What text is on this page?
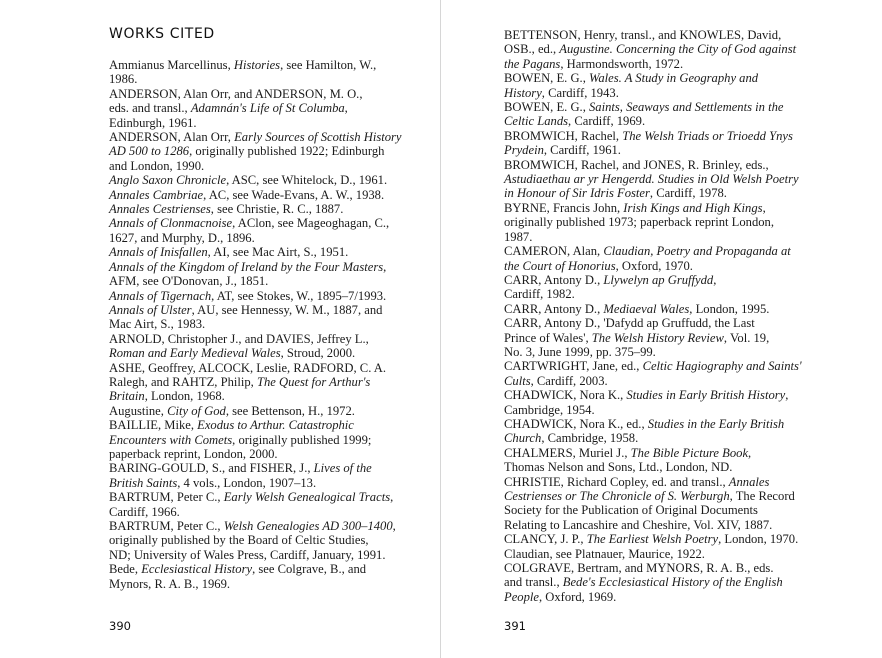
WORKS CITED
Ammianus Marcellinus, Histories, see Hamilton, W.,
1986.
ANDERSON, Alan Orr, and ANDERSON, M. O.,
eds. and transl., Adamnán's Life of St Columba,
Edinburgh, 1961.
ANDERSON, Alan Orr, Early Sources of Scottish History
AD 500 to 1286, originally published 1922; Edinburgh
and London, 1990.
Anglo Saxon Chronicle, ASC, see Whitelock, D., 1961.
Annales Cambriae, AC, see Wade-Evans, A. W., 1938.
Annales Cestrienses, see Christie, R. C., 1887.
Annals of Clonmacnoise, AClon, see Mageoghagan, C.,
1627, and Murphy, D., 1896.
Annals of Inisfallen, AI, see Mac Airt, S., 1951.
Annals of the Kingdom of Ireland by the Four Masters,
AFM, see O'Donovan, J., 1851.
Annals of Tigernach, AT, see Stokes, W., 1895–7/1993.
Annals of Ulster, AU, see Hennessy, W. M., 1887, and
Mac Airt, S., 1983.
ARNOLD, Christopher J., and DAVIES, Jeffrey L.,
Roman and Early Medieval Wales, Stroud, 2000.
ASHE, Geoffrey, ALCOCK, Leslie, RADFORD, C. A.
Ralegh, and RAHTZ, Philip, The Quest for Arthur's
Britain, London, 1968.
Augustine, City of God, see Bettenson, H., 1972.
BAILLIE, Mike, Exodus to Arthur. Catastrophic
Encounters with Comets, originally published 1999;
paperback reprint, London, 2000.
BARING-GOULD, S., and FISHER, J., Lives of the
British Saints, 4 vols., London, 1907–13.
BARTRUM, Peter C., Early Welsh Genealogical Tracts,
Cardiff, 1966.
BARTRUM, Peter C., Welsh Genealogies AD 300–1400,
originally published by the Board of Celtic Studies,
ND; University of Wales Press, Cardiff, January, 1991.
Bede, Ecclesiastical History, see Colgrave, B., and
Mynors, R. A. B., 1969.
390
BETTENSON, Henry, transl., and KNOWLES, David,
OSB., ed., Augustine. Concerning the City of God against
the Pagans, Harmondsworth, 1972.
BOWEN, E. G., Wales. A Study in Geography and
History, Cardiff, 1943.
BOWEN, E. G., Saints, Seaways and Settlements in the
Celtic Lands, Cardiff, 1969.
BROMWICH, Rachel, The Welsh Triads or Trioedd Ynys
Prydein, Cardiff, 1961.
BROMWICH, Rachel, and JONES, R. Brinley, eds.,
Astudiaethau ar yr Hengerdd. Studies in Old Welsh Poetry
in Honour of Sir Idris Foster, Cardiff, 1978.
BYRNE, Francis John, Irish Kings and High Kings,
originally published 1973; paperback reprint London,
1987.
CAMERON, Alan, Claudian, Poetry and Propaganda at
the Court of Honorius, Oxford, 1970.
CARR, Antony D., Llywelyn ap Gruffydd,
Cardiff, 1982.
CARR, Antony D., Mediaeval Wales, London, 1995.
CARR, Antony D., 'Dafydd ap Gruffudd, the Last
Prince of Wales', The Welsh History Review, Vol. 19,
No. 3, June 1999, pp. 375–99.
CARTWRIGHT, Jane, ed., Celtic Hagiography and Saints'
Cults, Cardiff, 2003.
CHADWICK, Nora K., Studies in Early British History,
Cambridge, 1954.
CHADWICK, Nora K., ed., Studies in the Early British
Church, Cambridge, 1958.
CHALMERS, Muriel J., The Bible Picture Book,
Thomas Nelson and Sons, Ltd., London, ND.
CHRISTIE, Richard Copley, ed. and transl., Annales
Cestrienses or The Chronicle of S. Werburgh, The Record
Society for the Publication of Original Documents
Relating to Lancashire and Cheshire, Vol. XIV, 1887.
CLANCY, J. P., The Earliest Welsh Poetry, London, 1970.
Claudian, see Platnauer, Maurice, 1922.
COLGRAVE, Bertram, and MYNORS, R. A. B., eds.
and transl., Bede's Ecclesiastical History of the English
People, Oxford, 1969.
391
